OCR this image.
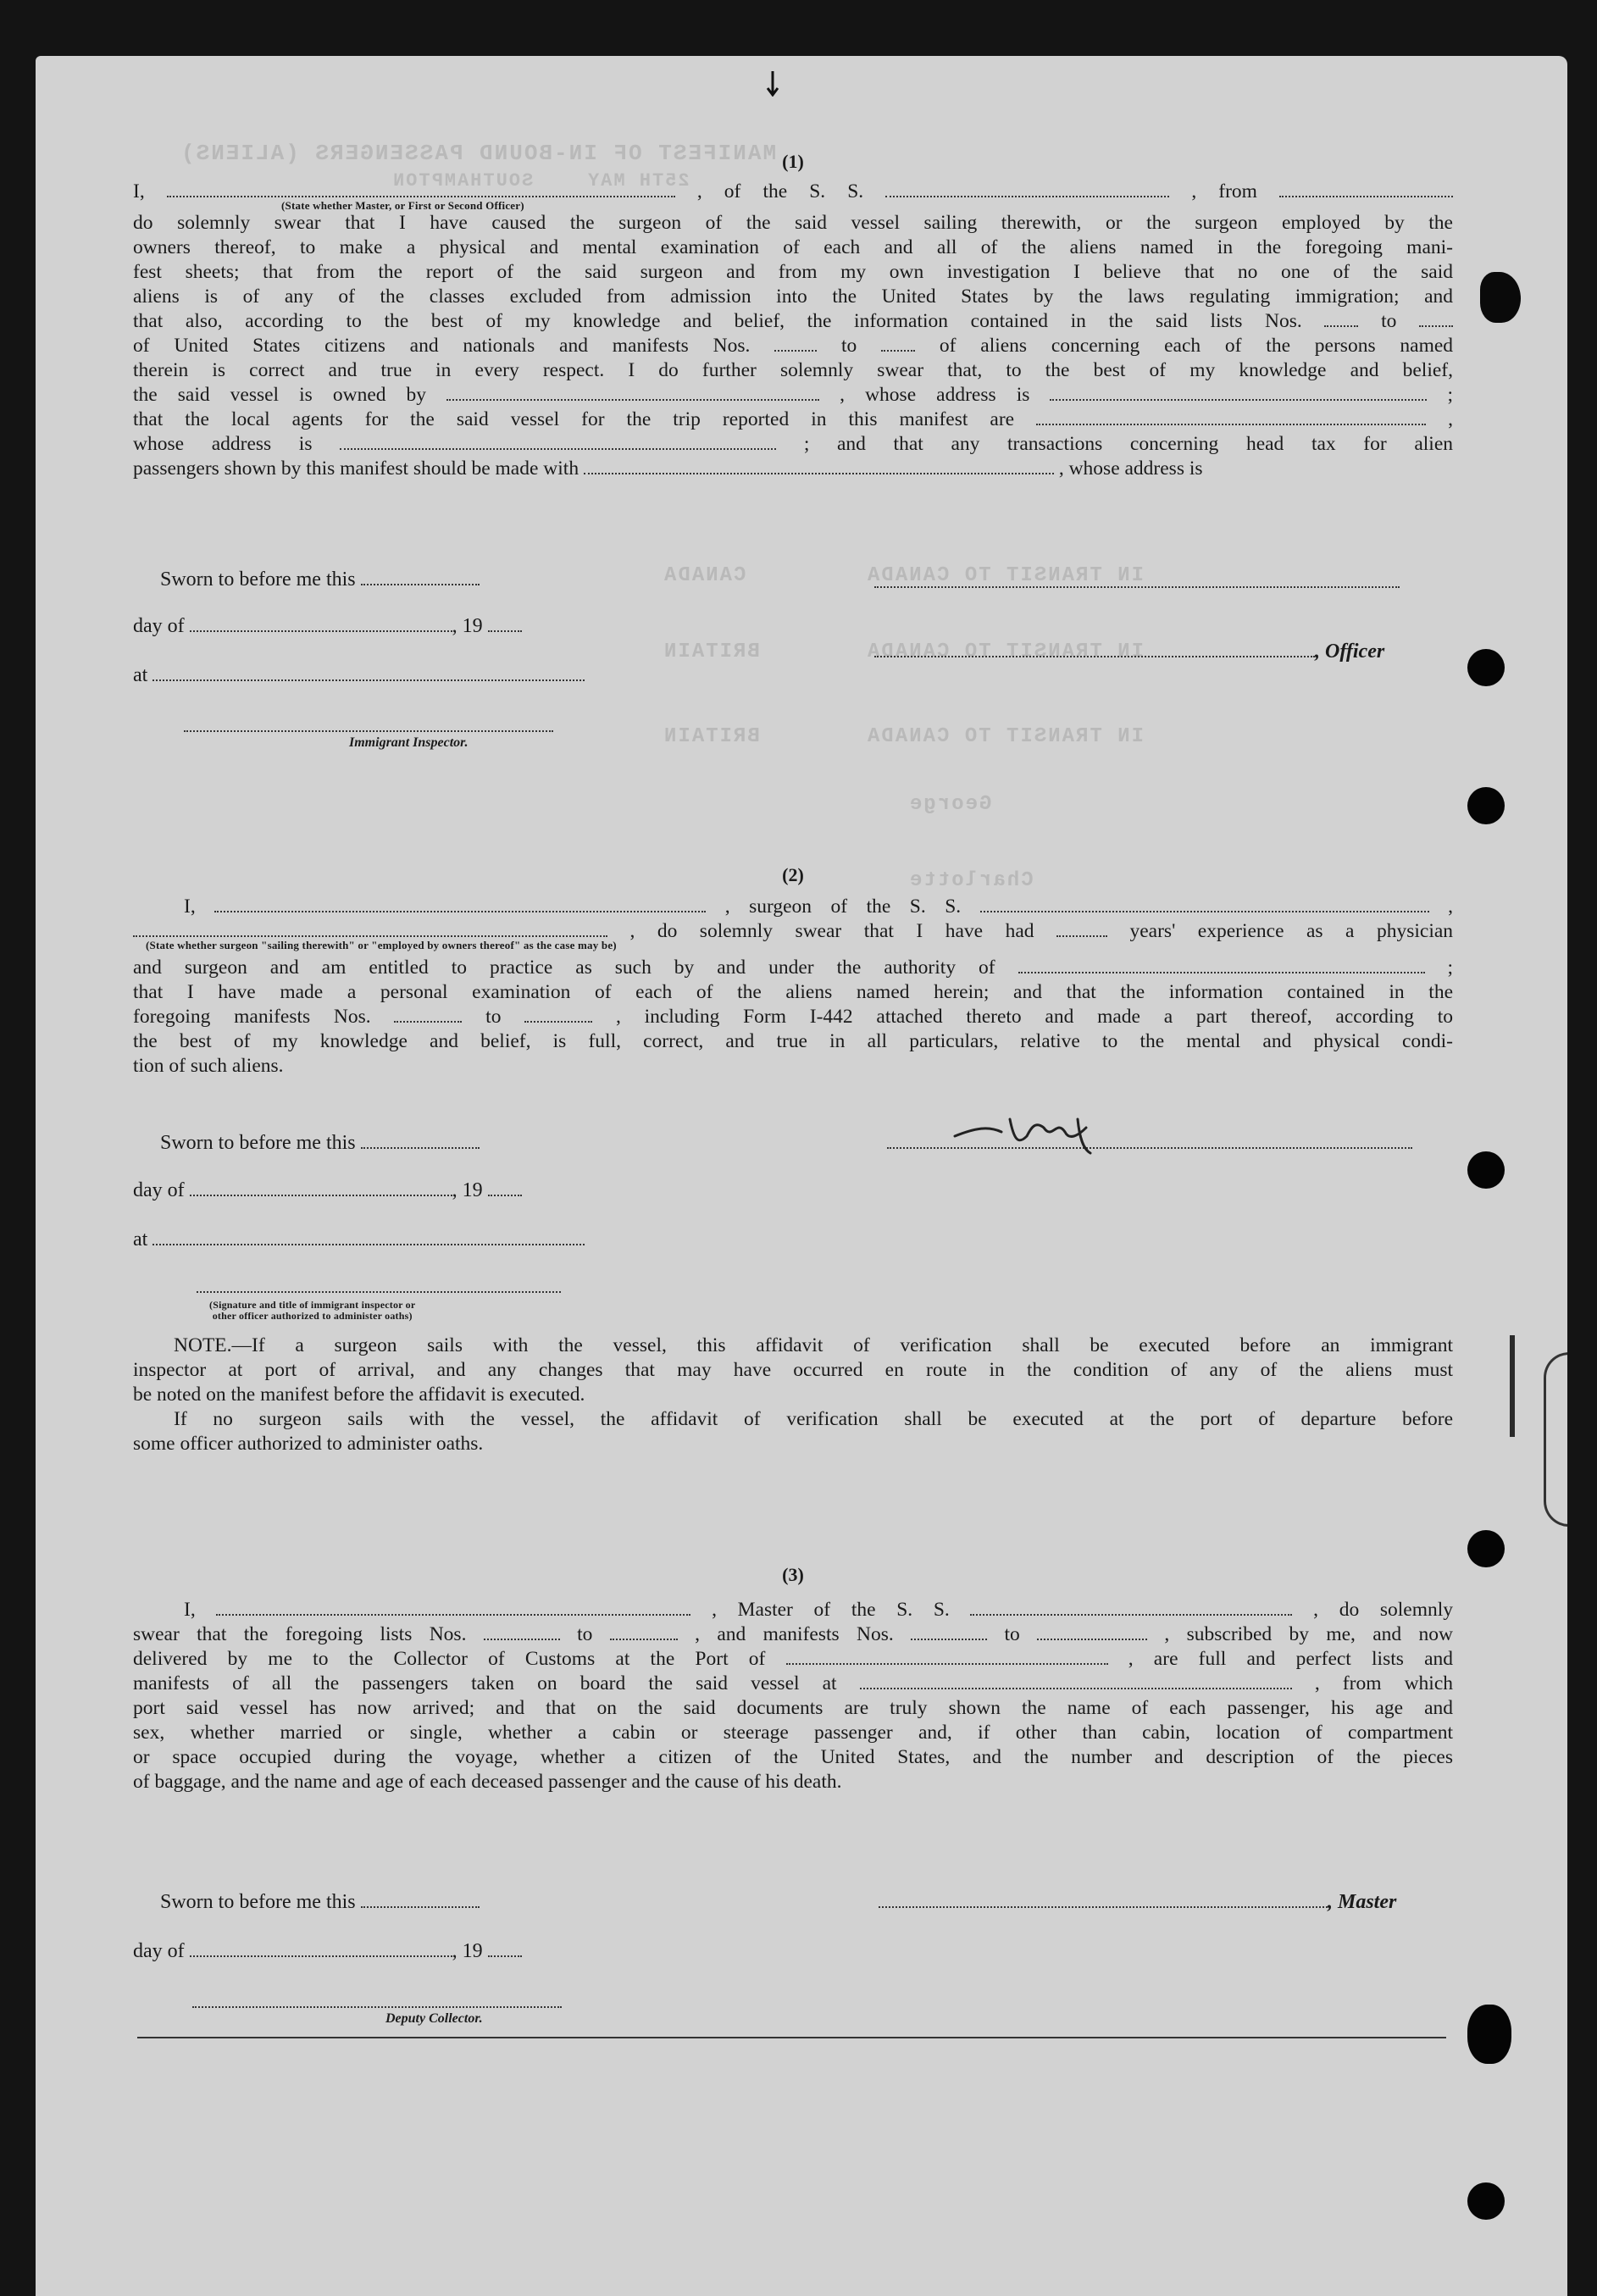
MANIFEST OF IN-BOUND PASSENGERS (ALIENS)
SOUTHAMPTON	25TH MAY
CANADA	IN TRANSIT TO CANADA
BRITAIN	IN TRANSIT TO CANADA
BRITAIN	IN TRANSIT TO CANADA
George
Charlotte
(1)
I,	, of the S. S.	, from
(State whether Master, or First or Second Officer)
do solemnly swear that I have caused the surgeon of the said vessel sailing therewith, or the surgeon employed by the
owners thereof, to make a physical and mental examination of each and all of the aliens named in the foregoing mani-
fest sheets; that from the report of the said surgeon and from my own investigation I believe that no one of the said
aliens is of any of the classes excluded from admission into the United States by the laws regulating immigration; and
that also, according to the best of my knowledge and belief, the information contained in the said lists Nos.	to
of United States citizens and nationals and manifests Nos.	to	of aliens concerning each of the persons named
therein is correct and true in every respect. I do further solemnly swear that, to the best of my knowledge and belief,
the said vessel is owned by	, whose address is	;
that the local agents for the said vessel for the trip reported in this manifest are	,
whose address is	; and that any transactions concerning head tax for alien
passengers shown by this manifest should be made with	, whose address is
Sworn to before me this
day of	, 19
at
Immigrant Inspector.
, Officer
(2)
I,	, surgeon of the S. S.	,
, do solemnly swear that I have had	years' experience as a physician
(State whether surgeon "sailing therewith" or "employed by owners thereof" as the case may be)
and surgeon and am entitled to practice as such by and under the authority of	;
that I have made a personal examination of each of the aliens named herein; and that the information contained in the
foregoing manifests Nos.	to	, including Form I-442 attached thereto and made a part thereof, according to
the best of my knowledge and belief, is full, correct, and true in all particulars, relative to the mental and physical condi-
tion of such aliens.
Sworn to before me this
day of	, 19
at
(Signature and title of immigrant inspector or
other officer authorized to administer oaths)
NOTE.—If a surgeon sails with the vessel, this affidavit of verification shall be executed before an immigrant
inspector at port of arrival, and any changes that may have occurred en route in the condition of any of the aliens must
be noted on the manifest before the affidavit is executed.
If no surgeon sails with the vessel, the affidavit of verification shall be executed at the port of departure before
some officer authorized to administer oaths.
(3)
I,	, Master of the S. S.	, do solemnly
swear that the foregoing lists Nos.	to	, and manifests Nos.	to	, subscribed by me, and now
delivered by me to the Collector of Customs at the Port of	, are full and perfect lists and
manifests of all the passengers taken on board the said vessel at	, from which
port said vessel has now arrived; and that on the said documents are truly shown the name of each passenger, his age and
sex, whether married or single, whether a cabin or steerage passenger and, if other than cabin, location of compartment
or space occupied during the voyage, whether a citizen of the United States, and the number and description of the pieces
of baggage, and the name and age of each deceased passenger and the cause of his death.
Sworn to before me this	, Master
day of	, 19
Deputy Collector.
